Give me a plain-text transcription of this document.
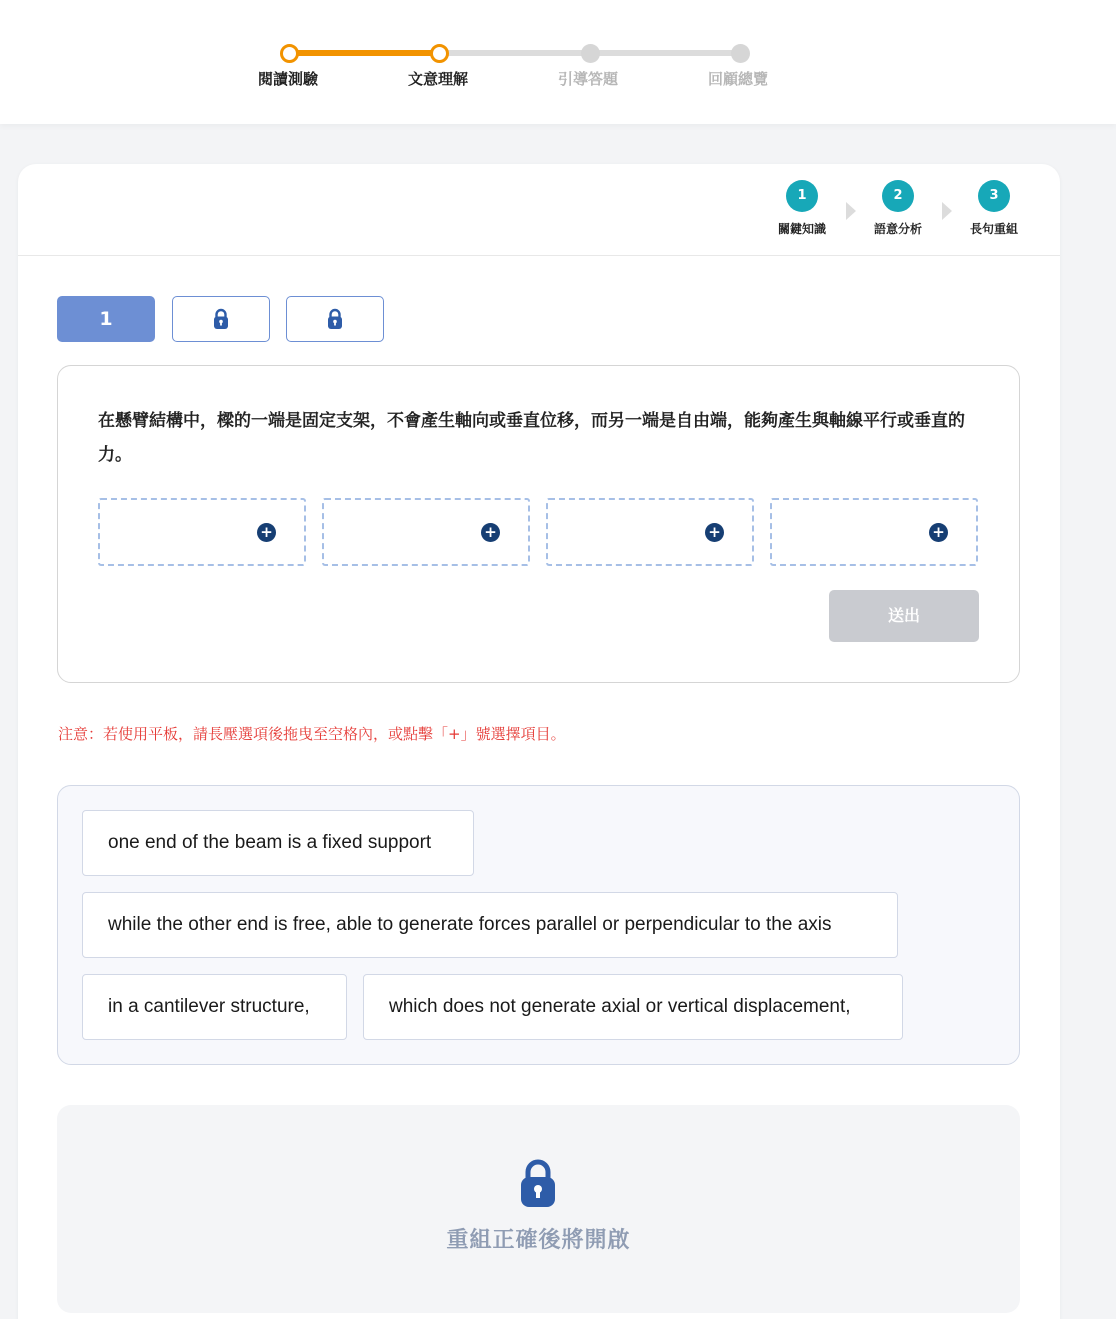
閱讀測驗	文意理解	引導答題	回顧總覽
1
關鍵知識
2
語意分析
3
長句重組
1
在懸臂結構中，樑的一端是固定支架，不會產生軸向或垂直位移，而另一端是自由端，能夠產生與軸線平行或垂直的力。
+	+	+	+
送出
注意：若使用平板，請長壓選項後拖曳至空格內，或點擊「+」號選擇項目。
one end of the beam is a fixed support
while the other end is free, able to generate forces parallel or perpendicular to the axis
in a cantilever structure,	which does not generate axial or vertical displacement,
重組正確後將開啟
